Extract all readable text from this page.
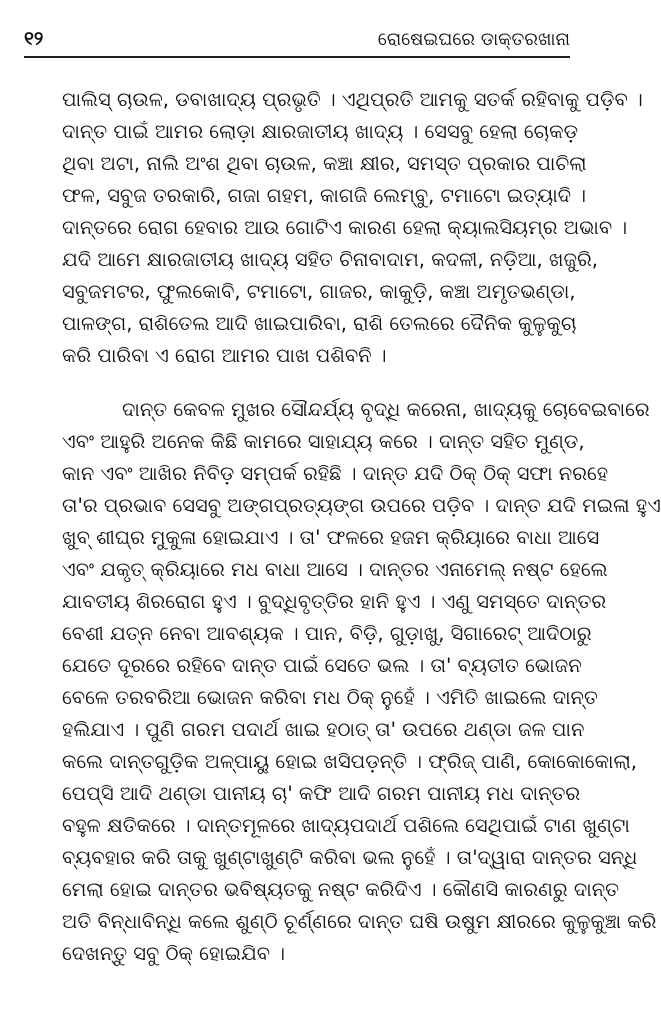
୧୨	ରୋଷେଇଘରେ ଡାକ୍ତରଖାନା
ପାଲିସ୍ ଚାଉଳ, ଡବାଖାଦ୍ୟ ପ୍ରଭୃତି । ଏଥିପ୍ରତି ଆମକୁ ସତର୍କ ରହିବାକୁ ପଡ଼ିବ ।
ଦାନ୍ତ ପାଇଁ ଆମର ଲୋଡ଼ା କ୍ଷାରଜାତୀୟ ଖାଦ୍ୟ । ସେସବୁ ହେଲା ଚୋକଡ଼
ଥିବା ଅଟା, ନାଲି ଅଂଶ ଥିବା ଚାଉଳ, କଞ୍ଚା କ୍ଷୀର, ସମସ୍ତ ପ୍ରକାର ପାଚିଲା
ଫଳ, ସବୁଜ ତରକାରି, ଗଜା ଗହମ, କାଗଜି ଲେମ୍ବୁ, ଟମାଟୋ ଇତ୍ୟାଦି ।
ଦାନ୍ତରେ ରୋଗ ହେବାର ଆଉ ଗୋଟିଏ କାରଣ ହେଲା କ୍ୟାଲସିୟମ୍‌ର ଅଭାବ ।
ଯଦି ଆମେ କ୍ଷାରଜାତୀୟ ଖାଦ୍ୟ ସହିତ ଚିନାବାଦାମ, କଦଳୀ, ନଡ଼ିଆ, ଖଜୁରି,
ସବୁଜମଟର, ଫୁଲକୋବି, ଟମାଟୋ, ଗାଜର, କାକୁଡ଼ି, କଞ୍ଚା ଅମୃତଭଣ୍ଡା,
ପାଳଙ୍ଗ, ରାଶିତେଲ ଆଦି ଖାଇପାରିବା, ରାଶି ତେଲରେ ଦୈନିକ କୁଳୁକୁଚା
କରି ପାରିବା ଏ ରୋଗ ଆମର ପାଖ ପଶିବନି ।
ଦାନ୍ତ କେବଳ ମୁଖର ସୌନ୍ଦର୍ଯ୍ୟ ବୃଦ୍ଧି କରେନା, ଖାଦ୍ୟକୁ ଚୋବେଇବାରେ
ଏବଂ ଆହୁରି ଅନେକ କିଛି କାମରେ ସାହାଯ୍ୟ କରେ । ଦାନ୍ତ ସହିତ ମୁଣ୍ଡ,
କାନ ଏବଂ ଆଖିର ନିବିଡ଼ ସମ୍ପର୍କ ରହିଛି । ଦାନ୍ତ ଯଦି ଠିକ୍ ଠିକ୍ ସଫା ନରହେ
ତା'ର ପ୍ରଭାବ ସେସବୁ ଅଙ୍ଗପ୍ରତ୍ୟଙ୍ଗ ଉପରେ ପଡ଼ିବ । ଦାନ୍ତ ଯଦି ମଇଳା ହୁଏ
ଖୁବ୍ ଶୀଘ୍ର ମୁକୁଳା ହୋଇଯାଏ । ତା' ଫଳରେ ହଜମ କ୍ରିୟାରେ ବାଧା ଆସେ
ଏବଂ ଯକୃତ୍ କ୍ରିୟାରେ ମଧ ବାଧା ଆସେ । ଦାନ୍ତର ଏନାମେଲ୍ ନଷ୍ଟ ହେଲେ
ଯାବତୀୟ ଶିରରୋଗ ହୁଏ । ବୁଦ୍ଧିବୃତ୍ତିର ହାନି ହୁଏ । ଏଣୁ ସମସ୍ତେ ଦାନ୍ତର
ବେଶୀ ଯତ୍ନ ନେବା ଆବଶ୍ୟକ । ପାନ, ବିଡ଼ି, ଗୁଡ଼ାଖୁ, ସିଗାରେଟ୍ ଆଦିଠାରୁ
ଯେତେ ଦୂରରେ ରହିବେ ଦାନ୍ତ ପାଇଁ ସେତେ ଭଲ । ତା' ବ୍ୟତୀତ ଭୋଜନ
ବେଳେ ତରବରିଆ ଭୋଜନ କରିବା ମଧ ଠିକ୍ ନୁହେଁ । ଏମିତି ଖାଇଲେ ଦାନ୍ତ
ହଲିଯାଏ । ପୁଣି ଗରମ ପଦାର୍ଥ ଖାଇ ହଠାତ୍ ତା' ଉପରେ ଥଣ୍ଡା ଜଳ ପାନ
କଲେ ଦାନ୍ତଗୁଡ଼ିକ ଅଳ୍ପାୟୁ ହୋଇ ଖସିପଡ଼ନ୍ତି । ଫ୍ରିଜ୍ ପାଣି, କୋକୋକୋଲା,
ପେପ୍ସି ଆଦି ଥଣ୍ଡା ପାନୀୟ ଚା' କଫି ଆଦି ଗରମ ପାନୀୟ ମଧ ଦାନ୍ତର
ବହୁଳ କ୍ଷତିକରେ । ଦାନ୍ତମୂଳରେ ଖାଦ୍ୟପଦାର୍ଥ ପଶିଲେ ସେଥିପାଇଁ ଟାଣ ଖୁଣ୍ଟା
ବ୍ୟବହାର କରି ତାକୁ ଖୁଣ୍ଟାଖୁଣ୍ଟି କରିବା ଭଲ ନୁହେଁ । ତା'ଦ୍ୱାରା ଦାନ୍ତର ସନ୍ଧି
ମେଲା ହୋଇ ଦାନ୍ତର ଭବିଷ୍ୟତକୁ ନଷ୍ଟ କରିଦିଏ । କୌଣସି କାରଣରୁ ଦାନ୍ତ
ଅତି ବିନ୍ଧାବିନ୍ଧି କଲେ ଶୁଣ୍ଠି ଚୂର୍ଣ୍ଣରେ ଦାନ୍ତ ଘଷି ଉଷୁମ କ୍ଷୀରରେ କୁଳୁକୁଞ୍ଚା କରି
ଦେଖନ୍ତୁ ସବୁ ଠିକ୍ ହୋଇଯିବ ।
